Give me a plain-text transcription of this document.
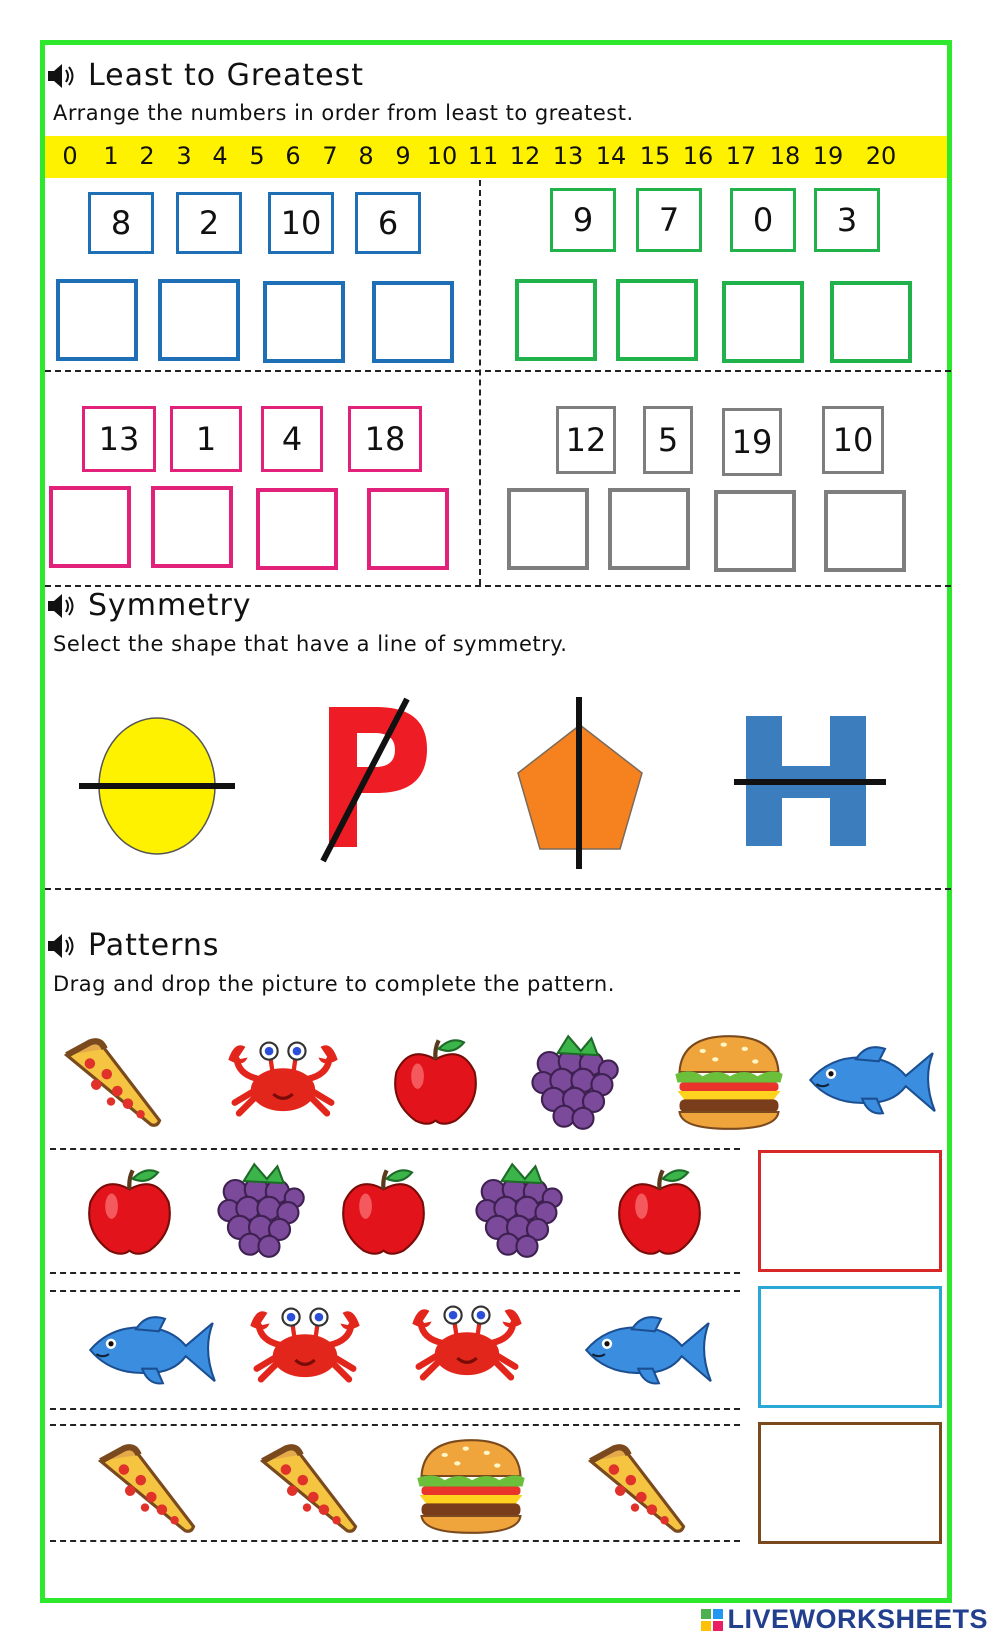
Least to Greatest
Arrange the numbers in order from least to greatest.
0 1 2 3 4 5 6 7 8 9 10 11 12 13 14 15 16 17 18 19 20
8	2	10	6	9	7	0	3
13	1	4	18	12	5	19	10
Symmetry
Select the shape that have a line of symmetry.
Patterns
Drag and drop the picture to complete the pattern.
LIVEWORKSHEETS
